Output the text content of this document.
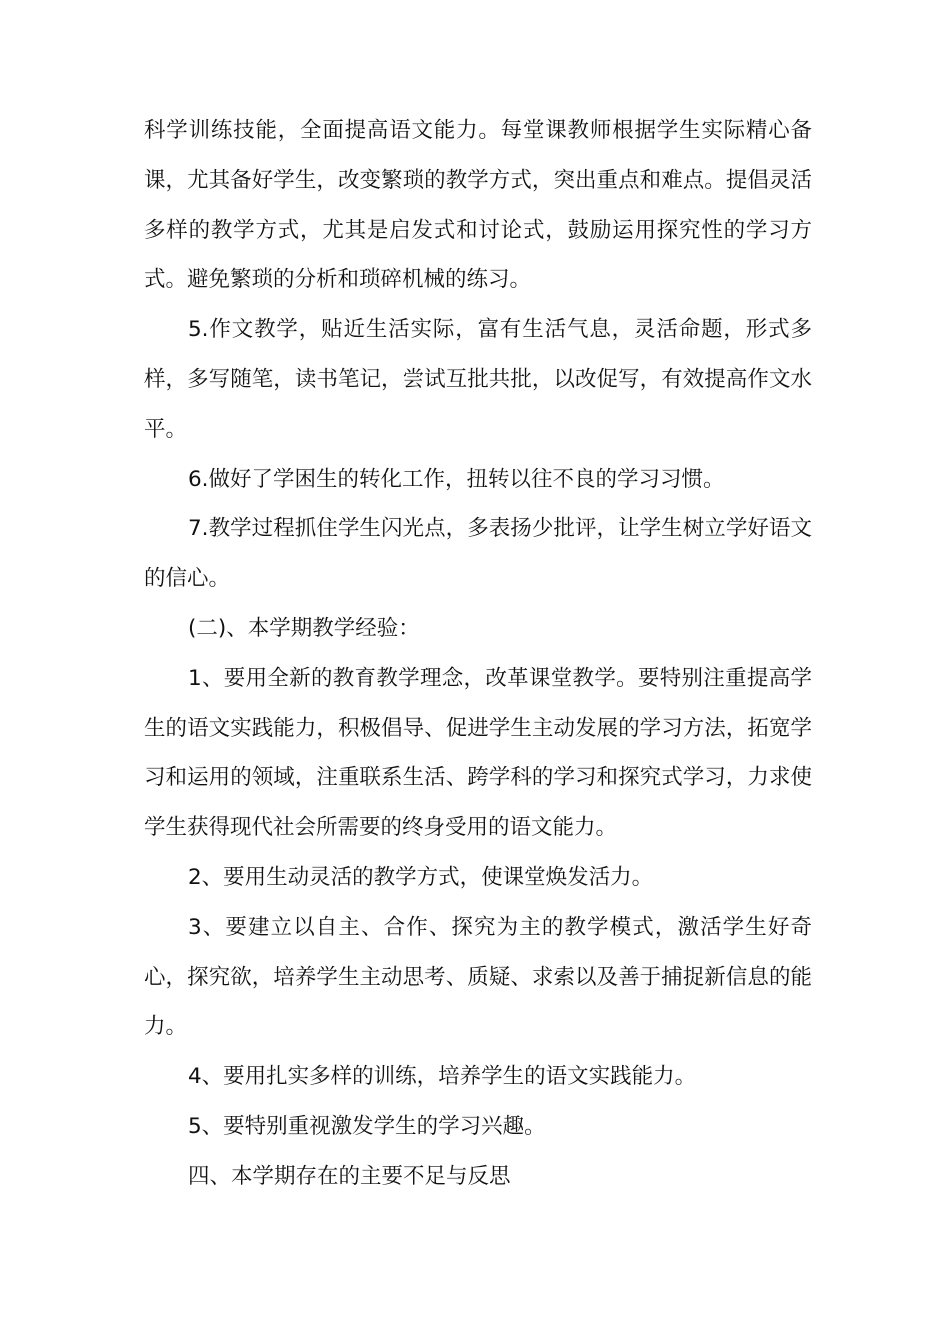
科学训练技能，全面提高语文能力。每堂课教师根据学生实际精心备课，尤其备好学生，改变繁琐的教学方式，突出重点和难点。提倡灵活多样的教学方式，尤其是启发式和讨论式，鼓励运用探究性的学习方式。避免繁琐的分析和琐碎机械的练习。

5.作文教学，贴近生活实际，富有生活气息，灵活命题，形式多样，多写随笔，读书笔记，尝试互批共批，以改促写，有效提高作文水平。

6.做好了学困生的转化工作，扭转以往不良的学习习惯。

7.教学过程抓住学生闪光点，多表扬少批评，让学生树立学好语文的信心。

(二)、本学期教学经验：

1、要用全新的教育教学理念，改革课堂教学。要特别注重提高学生的语文实践能力，积极倡导、促进学生主动发展的学习方法，拓宽学习和运用的领域，注重联系生活、跨学科的学习和探究式学习，力求使学生获得现代社会所需要的终身受用的语文能力。

2、要用生动灵活的教学方式，使课堂焕发活力。

3、要建立以自主、合作、探究为主的教学模式，激活学生好奇心，探究欲，培养学生主动思考、质疑、求索以及善于捕捉新信息的能力。

4、要用扎实多样的训练，培养学生的语文实践能力。

5、要特别重视激发学生的学习兴趣。

四、本学期存在的主要不足与反思
